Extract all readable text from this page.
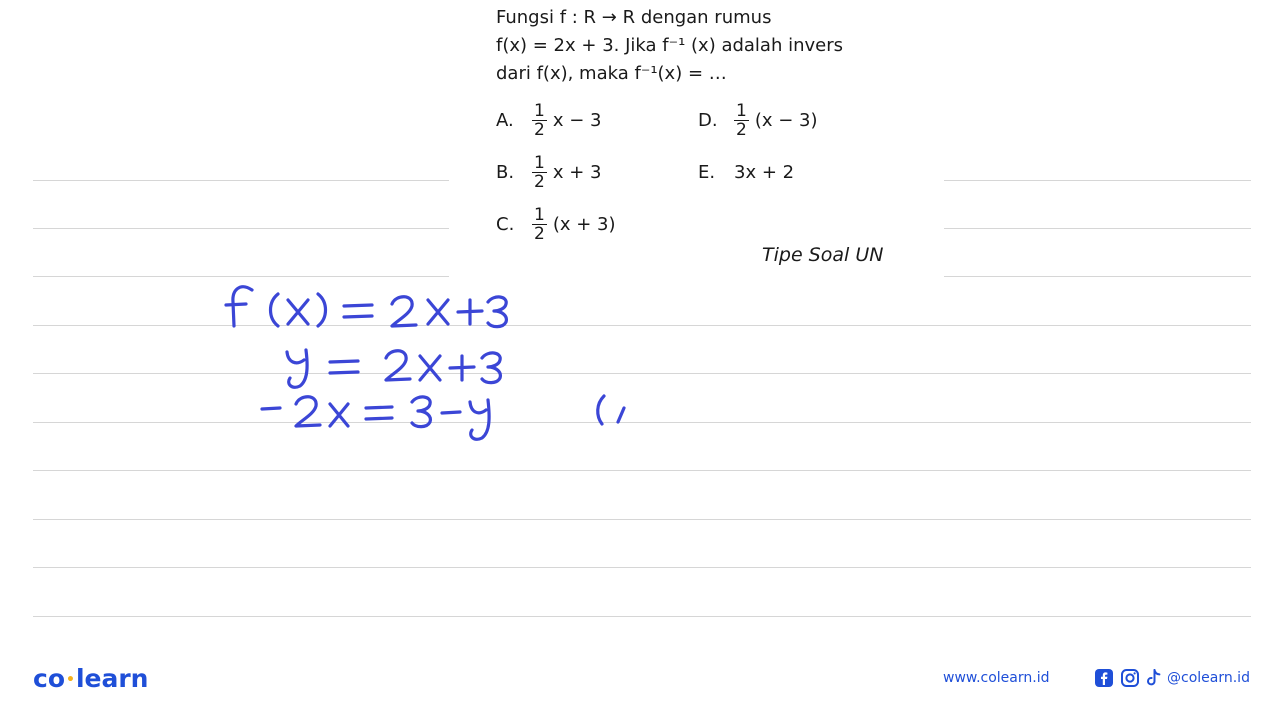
Fungsi f : R → R dengan rumus
f(x) = 2x + 3. Jika f⁻¹ (x) adalah invers
dari f(x), maka f⁻¹(x) = …
A.	$\frac{1}{2}$ x − 3
B.	$\frac{1}{2}$ x + 3
C.	$\frac{1}{2} (x + 3)$
D. $\frac{1}{2} (x - 3)$
E.	3x + 2
Tipe Soal UN
co•learn	www.colearn.id	@colearn.id
